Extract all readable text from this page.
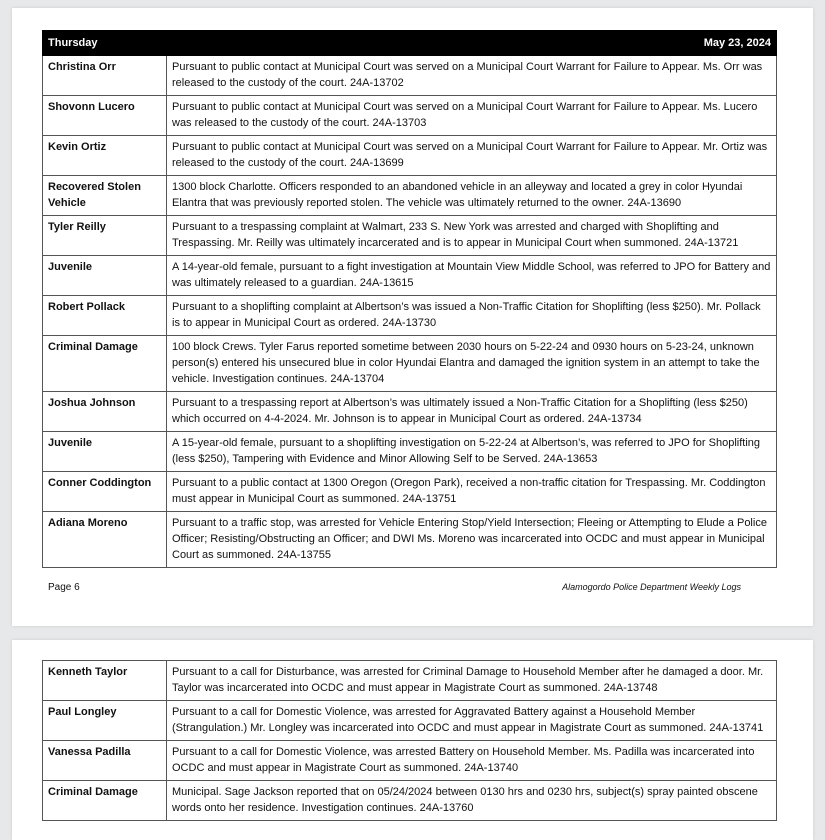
Thursday	May 23, 2024
Christina Orr	Pursuant to public contact at Municipal Court was served on a Municipal Court Warrant for Failure to Appear. Ms. Orr was released to the custody of the court. 24A-13702
Shovonn Lucero	Pursuant to public contact at Municipal Court was served on a Municipal Court Warrant for Failure to Appear. Ms. Lucero was released to the custody of the court. 24A-13703
Kevin Ortiz	Pursuant to public contact at Municipal Court was served on a Municipal Court Warrant for Failure to Appear. Mr. Ortiz was released to the custody of the court. 24A-13699
Recovered Stolen Vehicle	1300 block Charlotte. Officers responded to an abandoned vehicle in an alleyway and located a grey in color Hyundai Elantra that was previously reported stolen. The vehicle was ultimately returned to the owner. 24A-13690
Tyler Reilly	Pursuant to a trespassing complaint at Walmart, 233 S. New York was arrested and charged with Shoplifting and Trespassing. Mr. Reilly was ultimately incarcerated and is to appear in Municipal Court when summoned. 24A-13721
Juvenile	A 14-year-old female, pursuant to a fight investigation at Mountain View Middle School, was referred to JPO for Battery and was ultimately released to a guardian. 24A-13615
Robert Pollack	Pursuant to a shoplifting complaint at Albertson’s was issued a Non-Traffic Citation for Shoplifting (less $250). Mr. Pollack is to appear in Municipal Court as ordered. 24A-13730
Criminal Damage	100 block Crews. Tyler Farus reported sometime between 2030 hours on 5-22-24 and 0930 hours on 5-23-24, unknown person(s) entered his unsecured blue in color Hyundai Elantra and damaged the ignition system in an attempt to take the vehicle. Investigation continues. 24A-13704
Joshua Johnson	Pursuant to a trespassing report at Albertson’s was ultimately issued a Non-Traffic Citation for a Shoplifting (less $250) which occurred on 4-4-2024. Mr. Johnson is to appear in Municipal Court as ordered. 24A-13734
Juvenile	A 15-year-old female, pursuant to a shoplifting investigation on 5-22-24 at Albertson’s, was referred to JPO for Shoplifting (less $250), Tampering with Evidence and Minor Allowing Self to be Served. 24A-13653
Conner Coddington	Pursuant to a public contact at 1300 Oregon (Oregon Park), received a non-traffic citation for Trespassing. Mr. Coddington must appear in Municipal Court as summoned. 24A-13751
Adiana Moreno	Pursuant to a traffic stop, was arrested for Vehicle Entering Stop/Yield Intersection; Fleeing or Attempting to Elude a Police Officer; Resisting/Obstructing an Officer; and DWI Ms. Moreno was incarcerated into OCDC and must appear in Municipal Court as summoned. 24A-13755
Page 6	Alamogordo Police Department Weekly Logs
Kenneth Taylor	Pursuant to a call for Disturbance, was arrested for Criminal Damage to Household Member after he damaged a door. Mr. Taylor was incarcerated into OCDC and must appear in Magistrate Court as summoned. 24A-13748
Paul Longley	Pursuant to a call for Domestic Violence, was arrested for Aggravated Battery against a Household Member (Strangulation.) Mr. Longley was incarcerated into OCDC and must appear in Magistrate Court as summoned. 24A-13741
Vanessa Padilla	Pursuant to a call for Domestic Violence, was arrested Battery on Household Member. Ms. Padilla was incarcerated into OCDC and must appear in Magistrate Court as summoned. 24A-13740
Criminal Damage	Municipal. Sage Jackson reported that on 05/24/2024 between 0130 hrs and 0230 hrs, subject(s) spray painted obscene words onto her residence. Investigation continues. 24A-13760
